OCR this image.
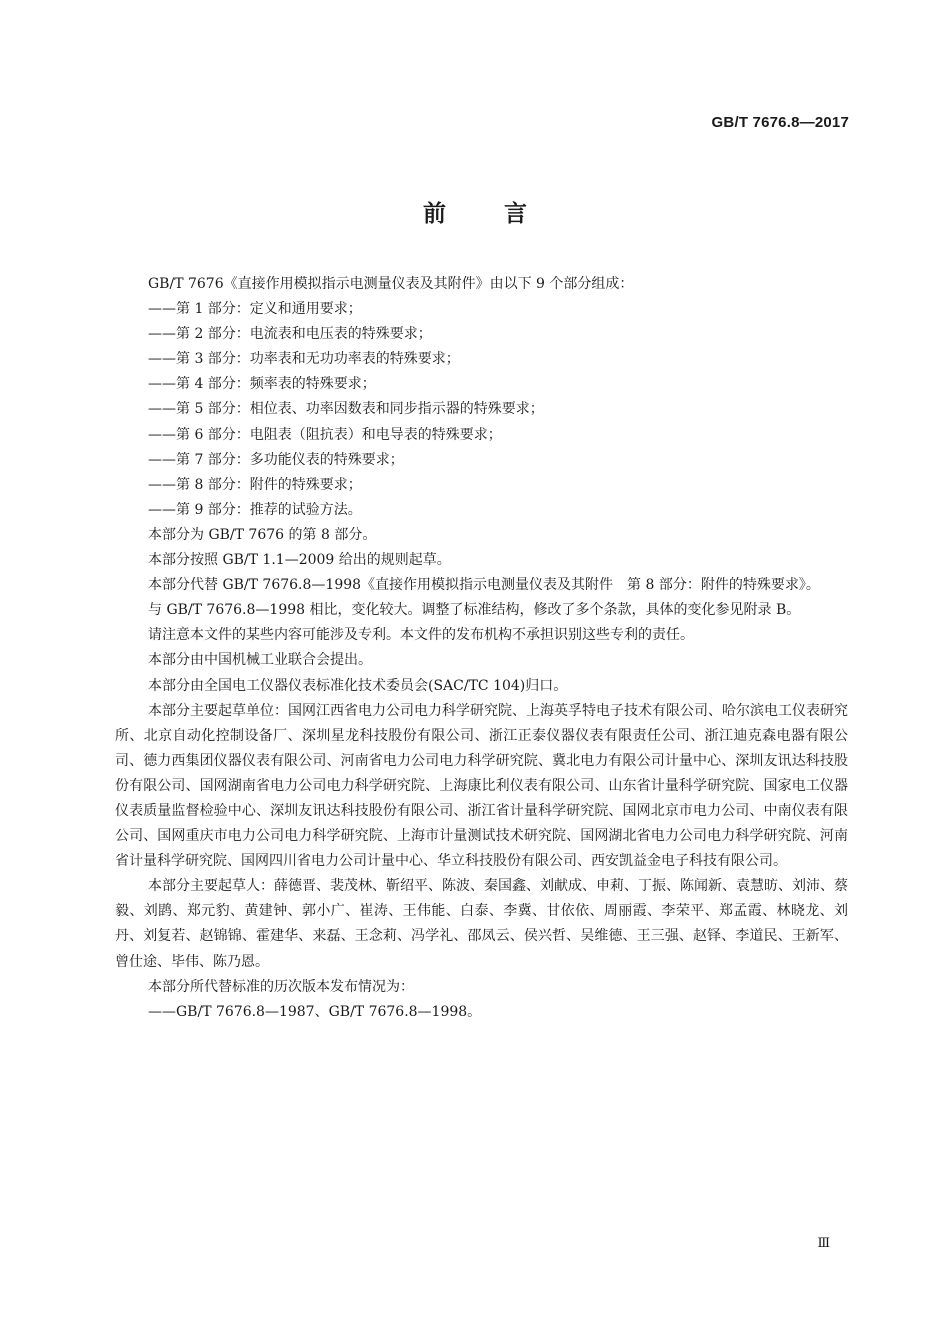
GB/T 7676.8—2017
前言
GB/T 7676《直接作用模拟指示电测量仪表及其附件》由以下 9 个部分组成：
——第 1 部分：定义和通用要求；
——第 2 部分：电流表和电压表的特殊要求；
——第 3 部分：功率表和无功功率表的特殊要求；
——第 4 部分：频率表的特殊要求；
——第 5 部分：相位表、功率因数表和同步指示器的特殊要求；
——第 6 部分：电阻表（阻抗表）和电导表的特殊要求；
——第 7 部分：多功能仪表的特殊要求；
——第 8 部分：附件的特殊要求；
——第 9 部分：推荐的试验方法。
本部分为 GB/T 7676 的第 8 部分。
本部分按照 GB/T 1.1—2009 给出的规则起草。
本部分代替 GB/T 7676.8—1998《直接作用模拟指示电测量仪表及其附件　第 8 部分：附件的特殊要求》。
与 GB/T 7676.8—1998 相比，变化较大。调整了标准结构，修改了多个条款，具体的变化参见附录 B。
请注意本文件的某些内容可能涉及专利。本文件的发布机构不承担识别这些专利的责任。
本部分由中国机械工业联合会提出。
本部分由全国电工仪器仪表标准化技术委员会(SAC/TC 104)归口。
本部分主要起草单位：国网江西省电力公司电力科学研究院、上海英孚特电子技术有限公司、哈尔滨电工仪表研究所、北京自动化控制设备厂、深圳星龙科技股份有限公司、浙江正泰仪器仪表有限责任公司、浙江迪克森电器有限公司、德力西集团仪器仪表有限公司、河南省电力公司电力科学研究院、冀北电力有限公司计量中心、深圳友讯达科技股份有限公司、国网湖南省电力公司电力科学研究院、上海康比利仪表有限公司、山东省计量科学研究院、国家电工仪器仪表质量监督检验中心、深圳友讯达科技股份有限公司、浙江省计量科学研究院、国网北京市电力公司、中南仪表有限公司、国网重庆市电力公司电力科学研究院、上海市计量测试技术研究院、国网湖北省电力公司电力科学研究院、河南省计量科学研究院、国网四川省电力公司计量中心、华立科技股份有限公司、西安凯益金电子科技有限公司。
本部分主要起草人：薛德晋、裴茂林、靳绍平、陈波、秦国鑫、刘献成、申莉、丁振、陈闻新、袁慧昉、刘沛、蔡毅、刘鹍、郑元豹、黄建钟、郭小广、崔涛、王伟能、白泰、李冀、甘依依、周丽霞、李荣平、郑孟霞、林晓龙、刘丹、刘复若、赵锦锦、霍建华、来磊、王念莉、冯学礼、邵凤云、侯兴哲、吴维德、王三强、赵铎、李道民、王新军、曾仕途、毕伟、陈乃恩。
本部分所代替标准的历次版本发布情况为：
——GB/T 7676.8—1987、GB/T 7676.8—1998。
Ⅲ
